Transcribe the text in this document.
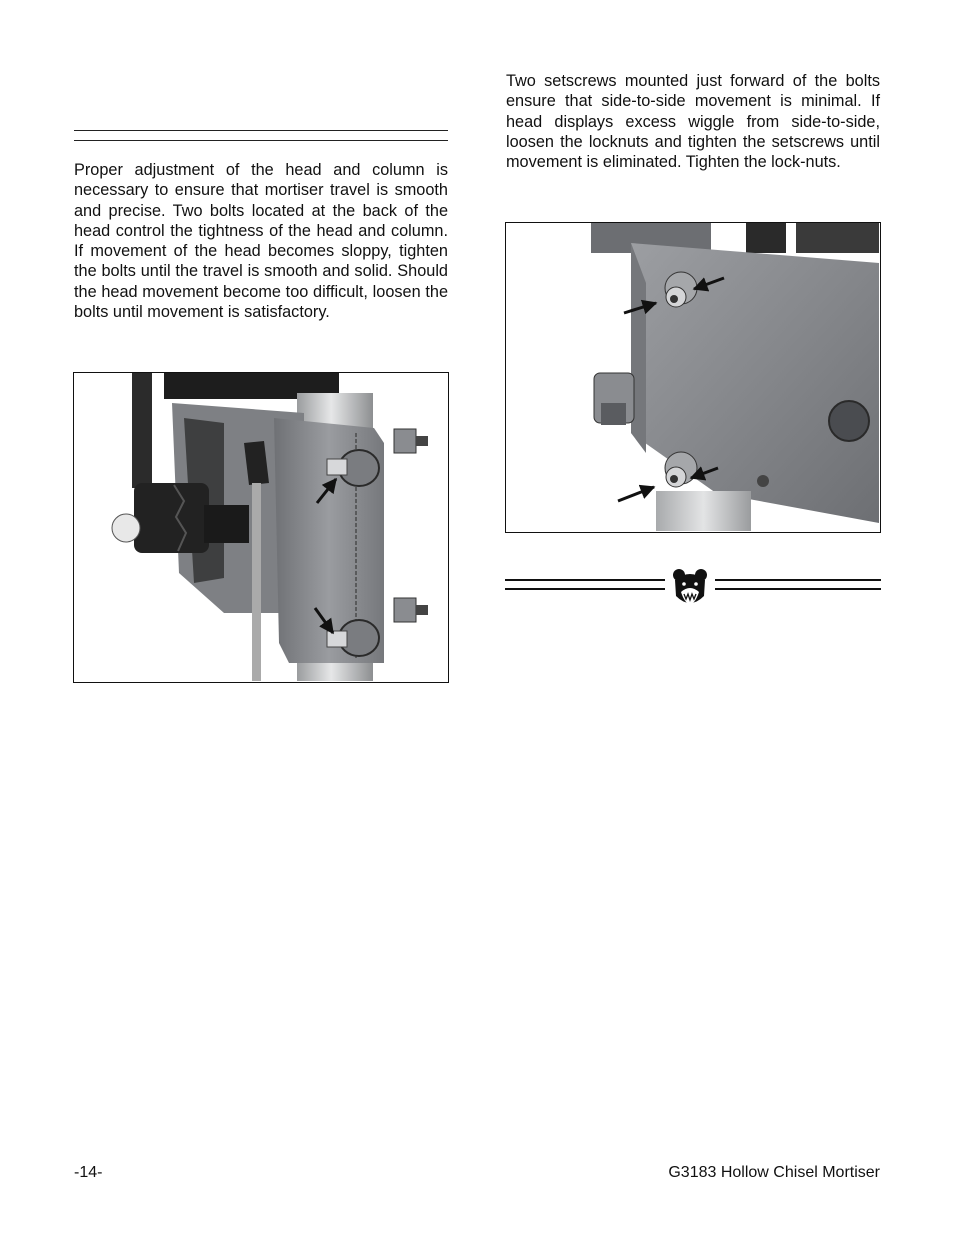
Proper adjustment of the head and column is necessary to ensure that mortiser travel is smooth and precise. Two bolts located at the back of the head control the tightness of the head and column. If movement of the head becomes sloppy, tighten the bolts until the travel is smooth and solid. Should the head movement become too difficult, loosen the bolts until movement is satisfactory.

Two setscrews mounted just forward of the bolts ensure that side-to-side movement is minimal. If head displays excess wiggle from side-to-side, loosen the locknuts and tighten the setscrews until movement is eliminated. Tighten the lock-nuts.

-14-	G3183 Hollow Chisel Mortiser
